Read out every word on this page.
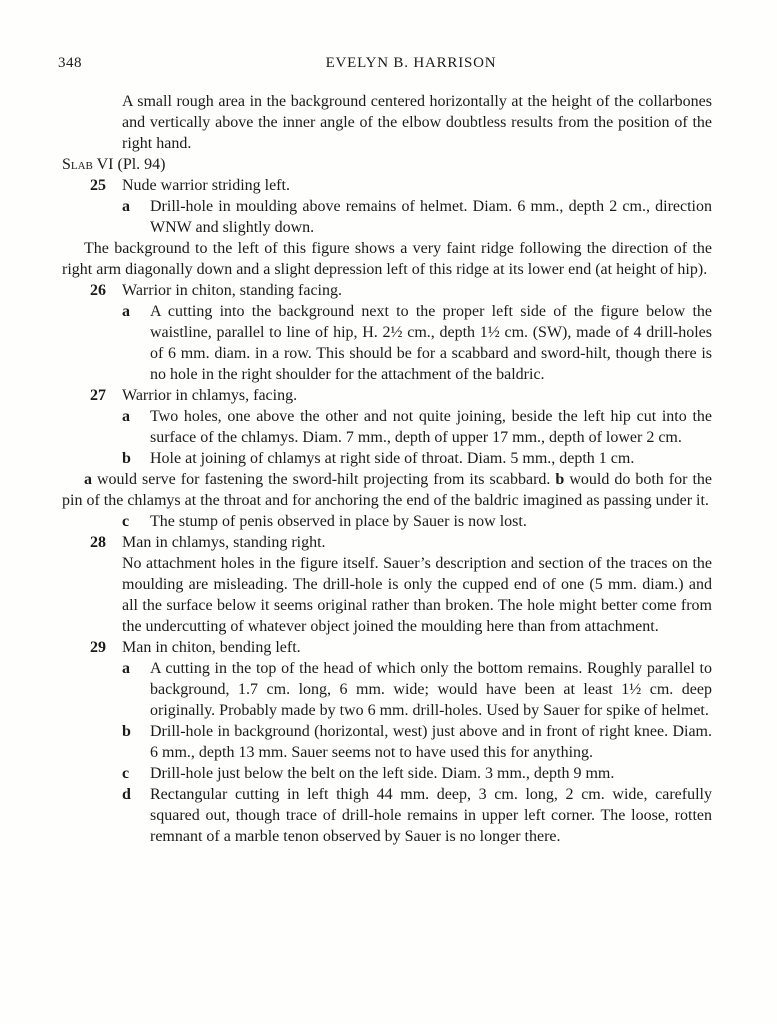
348	EVELYN B. HARRISON

A small rough area in the background centered horizontally at the height of the collarbones and vertically above the inner angle of the elbow doubtless results from the position of the right hand.

Slab VI (Pl. 94)

25 Nude warrior striding left.

a Drill-hole in moulding above remains of helmet. Diam. 6 mm., depth 2 cm., direction WNW and slightly down.

The background to the left of this figure shows a very faint ridge following the direction of the right arm diagonally down and a slight depression left of this ridge at its lower end (at height of hip).

26 Warrior in chiton, standing facing.

a A cutting into the background next to the proper left side of the figure below the waistline, parallel to line of hip, H. 2½ cm., depth 1½ cm. (SW), made of 4 drill-holes of 6 mm. diam. in a row. This should be for a scabbard and sword-hilt, though there is no hole in the right shoulder for the attachment of the baldric.

27 Warrior in chlamys, facing.

a Two holes, one above the other and not quite joining, beside the left hip cut into the surface of the chlamys. Diam. 7 mm., depth of upper 17 mm., depth of lower 2 cm.

b Hole at joining of chlamys at right side of throat. Diam. 5 mm., depth 1 cm.

a would serve for fastening the sword-hilt projecting from its scabbard. b would do both for the pin of the chlamys at the throat and for anchoring the end of the baldric imagined as passing under it.

c The stump of penis observed in place by Sauer is now lost.

28 Man in chlamys, standing right.

No attachment holes in the figure itself. Sauer’s description and section of the traces on the moulding are misleading. The drill-hole is only the cupped end of one (5 mm. diam.) and all the surface below it seems original rather than broken. The hole might better come from the undercutting of whatever object joined the moulding here than from attachment.

29 Man in chiton, bending left.

a A cutting in the top of the head of which only the bottom remains. Roughly parallel to background, 1.7 cm. long, 6 mm. wide; would have been at least 1½ cm. deep originally. Probably made by two 6 mm. drill-holes. Used by Sauer for spike of helmet.

b Drill-hole in background (horizontal, west) just above and in front of right knee. Diam. 6 mm., depth 13 mm. Sauer seems not to have used this for anything.

c Drill-hole just below the belt on the left side. Diam. 3 mm., depth 9 mm.

d Rectangular cutting in left thigh 44 mm. deep, 3 cm. long, 2 cm. wide, carefully squared out, though trace of drill-hole remains in upper left corner. The loose, rotten remnant of a marble tenon observed by Sauer is no longer there.
